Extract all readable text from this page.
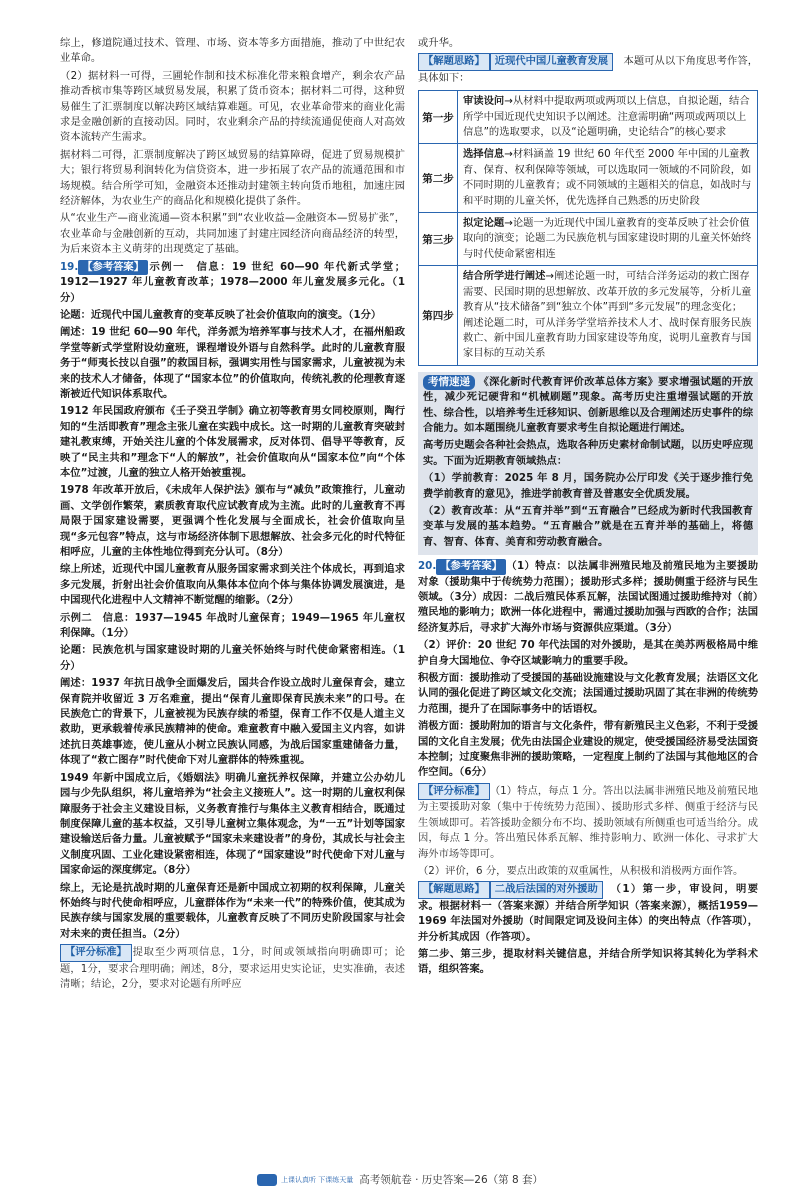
综上，修道院通过技术、管理、市场、资本等多方面措施，推动了中世纪农业革命。

（2）据材料一可得，三圃轮作制和技术标准化带来粮食增产，剩余农产品推动香槟市集等跨区域贸易发展，积累了货币资本；据材料二可得，这种贸易催生了汇票制度以解决跨区域结算难题。可见，农业革命带来的商业化需求是金融创新的直接动因。同时，农业剩余产品的持续流通促使商人对高效资本流转产生需求。

据材料二可得，汇票制度解决了跨区域贸易的结算障碍，促进了贸易规模扩大；银行将贸易利润转化为信贷资本，进一步拓展了农产品的流通范围和市场规模。结合所学可知，金融资本还推动封建领主转向货币地租，加速庄园经济解体，为农业生产的商品化和规模化提供了条件。

从“农业生产—商业流通—资本积累”到“农业收益—金融资本—贸易扩张”，农业革命与金融创新的互动，共同加速了封建庄园经济向商品经济的转型，为后来资本主义萌芽的出现奠定了基础。

19. 【参考答案】 示例一　信息：19 世纪 60—90 年代新式学堂；1912—1927 年儿童教育改革；1978—2000 年儿童发展多元化。（1分）

论题：近现代中国儿童教育的变革反映了社会价值取向的演变。（1分）

阐述：19 世纪 60—90 年代，洋务派为培养军事与技术人才，在福州船政学堂等新式学堂附设幼童班，课程增设外语与自然科学。此时的儿童教育服务于“师夷长技以自强”的救国目标，强调实用性与国家需求，儿童被视为未来的技术人才储备，体现了“国家本位”的价值取向，传统礼教的伦理教育逐渐被近代知识体系取代。

1912 年民国政府颁布《壬子癸丑学制》确立初等教育男女同校原则，陶行知的“生活即教育”理念主张儿童在实践中成长。这一时期的儿童教育突破封建礼教束缚，开始关注儿童的个体发展需求，反对体罚、倡导平等教育，反映了“民主共和”理念下“人的解放”，社会价值取向从“国家本位”向“个体本位”过渡，儿童的独立人格开始被重视。

1978 年改革开放后，《未成年人保护法》颁布与“减负”政策推行，儿童动画、文学创作繁荣，素质教育取代应试教育成为主流。此时的儿童教育不再局限于国家建设需要，更强调个性化发展与全面成长，社会价值取向呈现“多元包容”特点，这与市场经济体制下思想解放、社会多元化的时代特征相呼应，儿童的主体性地位得到充分认可。（8分）

综上所述，近现代中国儿童教育从服务国家需求到关注个体成长，再到追求多元发展，折射出社会价值取向从集体本位向个体与集体协调发展演进，是中国现代化进程中人文精神不断觉醒的缩影。（2分）

示例二　信息：1937—1945 年战时儿童保育；1949—1965 年儿童权利保障。（1分）

论题：民族危机与国家建设时期的儿童关怀始终与时代使命紧密相连。（1分）

阐述：1937 年抗日战争全面爆发后，国共合作设立战时儿童保育会，建立保育院并收留近 3 万名难童，提出“保育儿童即保育民族未来”的口号。在民族危亡的背景下，儿童被视为民族存续的希望，保育工作不仅是人道主义救助，更承载着传承民族精神的使命。难童教育中融入爱国主义内容，如讲述抗日英雄事迹，使儿童从小树立民族认同感，为战后国家重建储备力量，体现了“救亡图存”时代使命下对儿童群体的特殊重视。

1949 年新中国成立后，《婚姻法》明确儿童抚养权保障，并建立公办幼儿园与少先队组织，将儿童培养为“社会主义接班人”。这一时期的儿童权利保障服务于社会主义建设目标，义务教育推行与集体主义教育相结合，既通过制度保障儿童的基本权益，又引导儿童树立集体观念，为“一五”计划等国家建设输送后备力量。儿童被赋予“国家未来建设者”的身份，其成长与社会主义制度巩固、工业化建设紧密相连，体现了“国家建设”时代使命下对儿童与国家命运的深度绑定。（8分）

综上，无论是抗战时期的儿童保育还是新中国成立初期的权利保障，儿童关怀始终与时代使命相呼应，儿童群体作为“未来一代”的特殊价值，使其成为民族存续与国家发展的重要载体，儿童教育反映了不同历史阶段国家与社会对未来的责任担当。（2分）

【评分标准】 提取至少两项信息，1分，时间或领域指向明确即可；论题，1分，要求合理明确；阐述，8分，要求运用史实论证，史实准确，表述清晰；结论，2分，要求对论题有所呼应

或升华。

【解题思路】 近现代中国儿童教育发展　 本题可从以下角度思考作答，具体如下：

第一步
审读设问→从材料中提取两项或两项以上信息，自拟论题，结合所学中国近现代史知识予以阐述。注意需明确“两项或两项以上信息”的选取要求，以及“论题明确，史论结合”的核心要求
第二步
选择信息→材料涵盖 19 世纪 60 年代至 2000 年中国的儿童教育、保育、权利保障等领域，可以选取同一领域的不同阶段，如不同时期的儿童教育；或不同领域的主题相关的信息，如战时与和平时期的儿童关怀，优先选择自己熟悉的历史阶段
第三步
拟定论题→论题一为近现代中国儿童教育的变革反映了社会价值取向的演变；论题二为民族危机与国家建设时期的儿童关怀始终与时代使命紧密相连
第四步
结合所学进行阐述→阐述论题一时，可结合洋务运动的救亡图存需要、民国时期的思想解放、改革开放的多元发展等，分析儿童教育从“技术储备”到“独立个体”再到“多元发展”的理念变化；阐述论题二时，可从洋务学堂培养技术人才、战时保育服务民族救亡、新中国儿童教育助力国家建设等角度，说明儿童教育与国家目标的互动关系

考情速递 《深化新时代教育评价改革总体方案》要求增强试题的开放性，减少死记硬背和“机械刷题”现象。高考历史注重增强试题的开放性、综合性，以培养考生迁移知识、创新思维以及合理阐述历史事件的综合能力。如本题围绕儿童教育要求考生自拟论题进行阐述。

高考历史题会各种社会热点，选取各种历史素材命制试题，以历史呼应现实。下面为近期教育领域热点：

（1）学前教育：2025 年 8 月，国务院办公厅印发《关于逐步推行免费学前教育的意见》，推进学前教育普及普惠安全优质发展。

（2）教育改革：从“五育并举”到“五育融合”已经成为新时代我国教育变革与发展的基本趋势。“五育融合”就是在五育并举的基础上，将德育、智育、体育、美育和劳动教育融合。

20. 【参考答案】 （1）特点：以法属非洲殖民地及前殖民地为主要援助对象（援助集中于传统势力范围）；援助形式多样；援助侧重于经济与民生领域。（3分）成因：二战后殖民体系瓦解，法国试图通过援助维持对（前）殖民地的影响力；欧洲一体化进程中，需通过援助加强与西欧的合作；法国经济复苏后，寻求扩大海外市场与资源供应渠道。（3分）

（2）评价：20 世纪 70 年代法国的对外援助，是其在美苏两极格局中维护自身大国地位、争夺区域影响力的重要手段。

积极方面：援助推动了受援国的基础设施建设与文化教育发展；法语区文化认同的强化促进了跨区域文化交流；法国通过援助巩固了其在非洲的传统势力范围，提升了在国际事务中的话语权。

消极方面：援助附加的语言与文化条件，带有新殖民主义色彩，不利于受援国的文化自主发展；优先由法国企业建设的规定，使受援国经济易受法国资本控制；过度聚焦非洲的援助策略，一定程度上制约了法国与其他地区的合作空间。（6分）

【评分标准】 （1）特点，每点 1 分。答出以法属非洲殖民地及前殖民地为主要援助对象（集中于传统势力范围）、援助形式多样、侧重于经济与民生领域即可。若答援助金额分布不均、援助领域有所侧重也可适当给分。成因，每点 1 分。答出殖民体系瓦解、维持影响力、欧洲一体化、寻求扩大海外市场等即可。

（2）评价，6 分，要点出政策的双重属性，从积极和消极两方面作答。

【解题思路】 二战后法国的对外援助　 （1）第一步，审设问，明要求。根据材料一（答案来源）并结合所学知识（答案来源），概括1959—1969 年法国对外援助（时间限定词及设问主体）的突出特点（作答项），并分析其成因（作答项）。

第二步、第三步，提取材料关键信息，并结合所学知识将其转化为学科术语，组织答案。

上课认真听 下课练天量 高考领航卷 · 历史答案—26（第 8 套）
